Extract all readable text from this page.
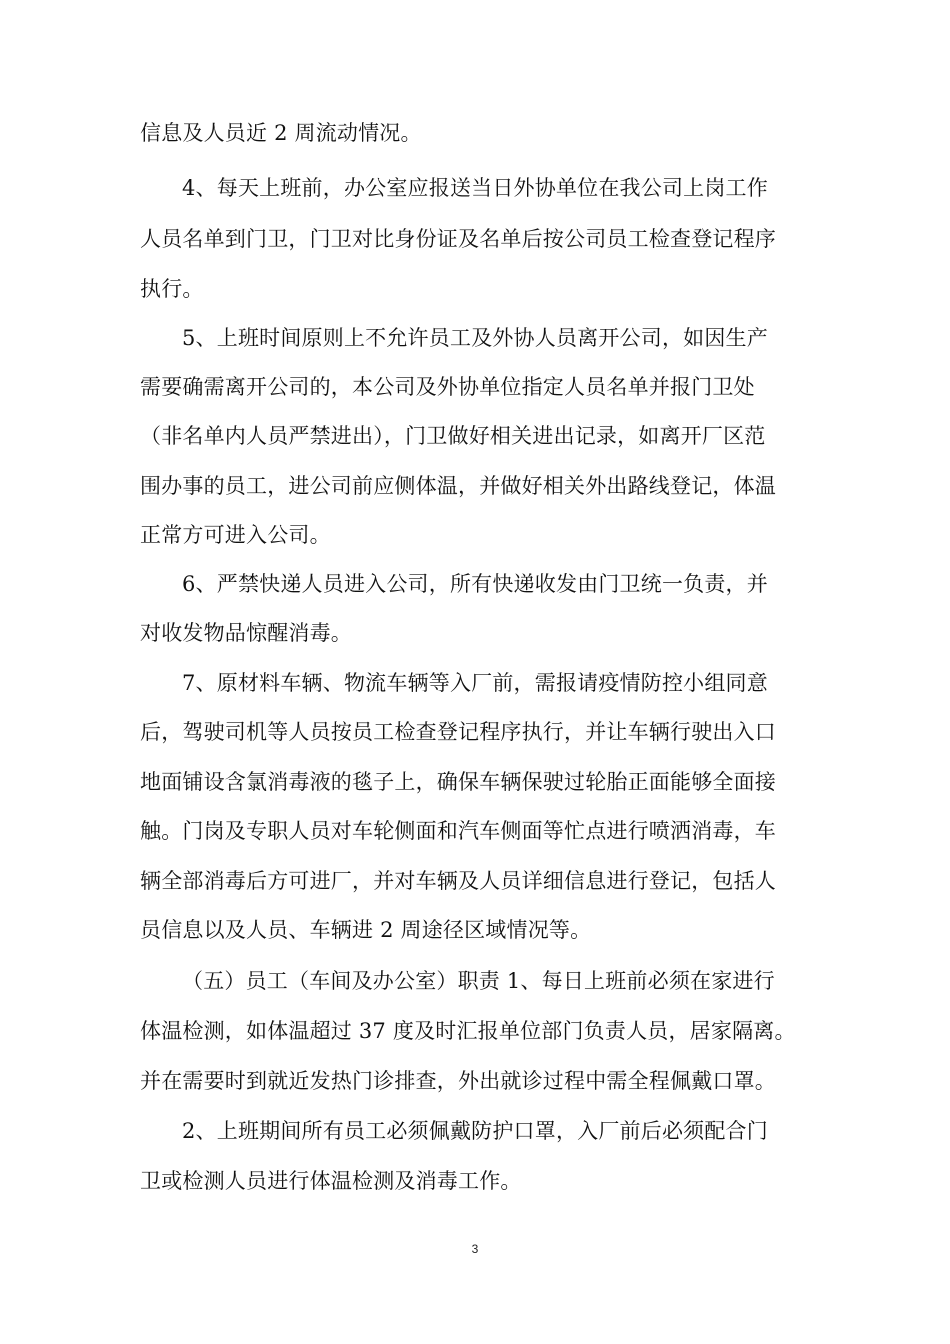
信息及人员近 2 周流动情况。
4、每天上班前，办公室应报送当日外协单位在我公司上岗工作
人员名单到门卫，门卫对比身份证及名单后按公司员工检查登记程序
执行。
5、上班时间原则上不允许员工及外协人员离开公司，如因生产
需要确需离开公司的，本公司及外协单位指定人员名单并报门卫处
（非名单内人员严禁进出），门卫做好相关进出记录，如离开厂区范
围办事的员工，进公司前应侧体温，并做好相关外出路线登记，体温
正常方可进入公司。
6、严禁快递人员进入公司，所有快递收发由门卫统一负责，并
对收发物品惊醒消毒。
7、原材料车辆、物流车辆等入厂前，需报请疫情防控小组同意
后，驾驶司机等人员按员工检查登记程序执行，并让车辆行驶出入口
地面铺设含氯消毒液的毯子上，确保车辆保驶过轮胎正面能够全面接
触。门岗及专职人员对车轮侧面和汽车侧面等忙点进行喷洒消毒，车
辆全部消毒后方可进厂，并对车辆及人员详细信息进行登记，包括人
员信息以及人员、车辆进 2 周途径区域情况等。
（五）员工（车间及办公室）职责 1、每日上班前必须在家进行
体温检测，如体温超过 37 度及时汇报单位部门负责人员，居家隔离。
并在需要时到就近发热门诊排查，外出就诊过程中需全程佩戴口罩。
2、上班期间所有员工必须佩戴防护口罩，入厂前后必须配合门
卫或检测人员进行体温检测及消毒工作。
3
